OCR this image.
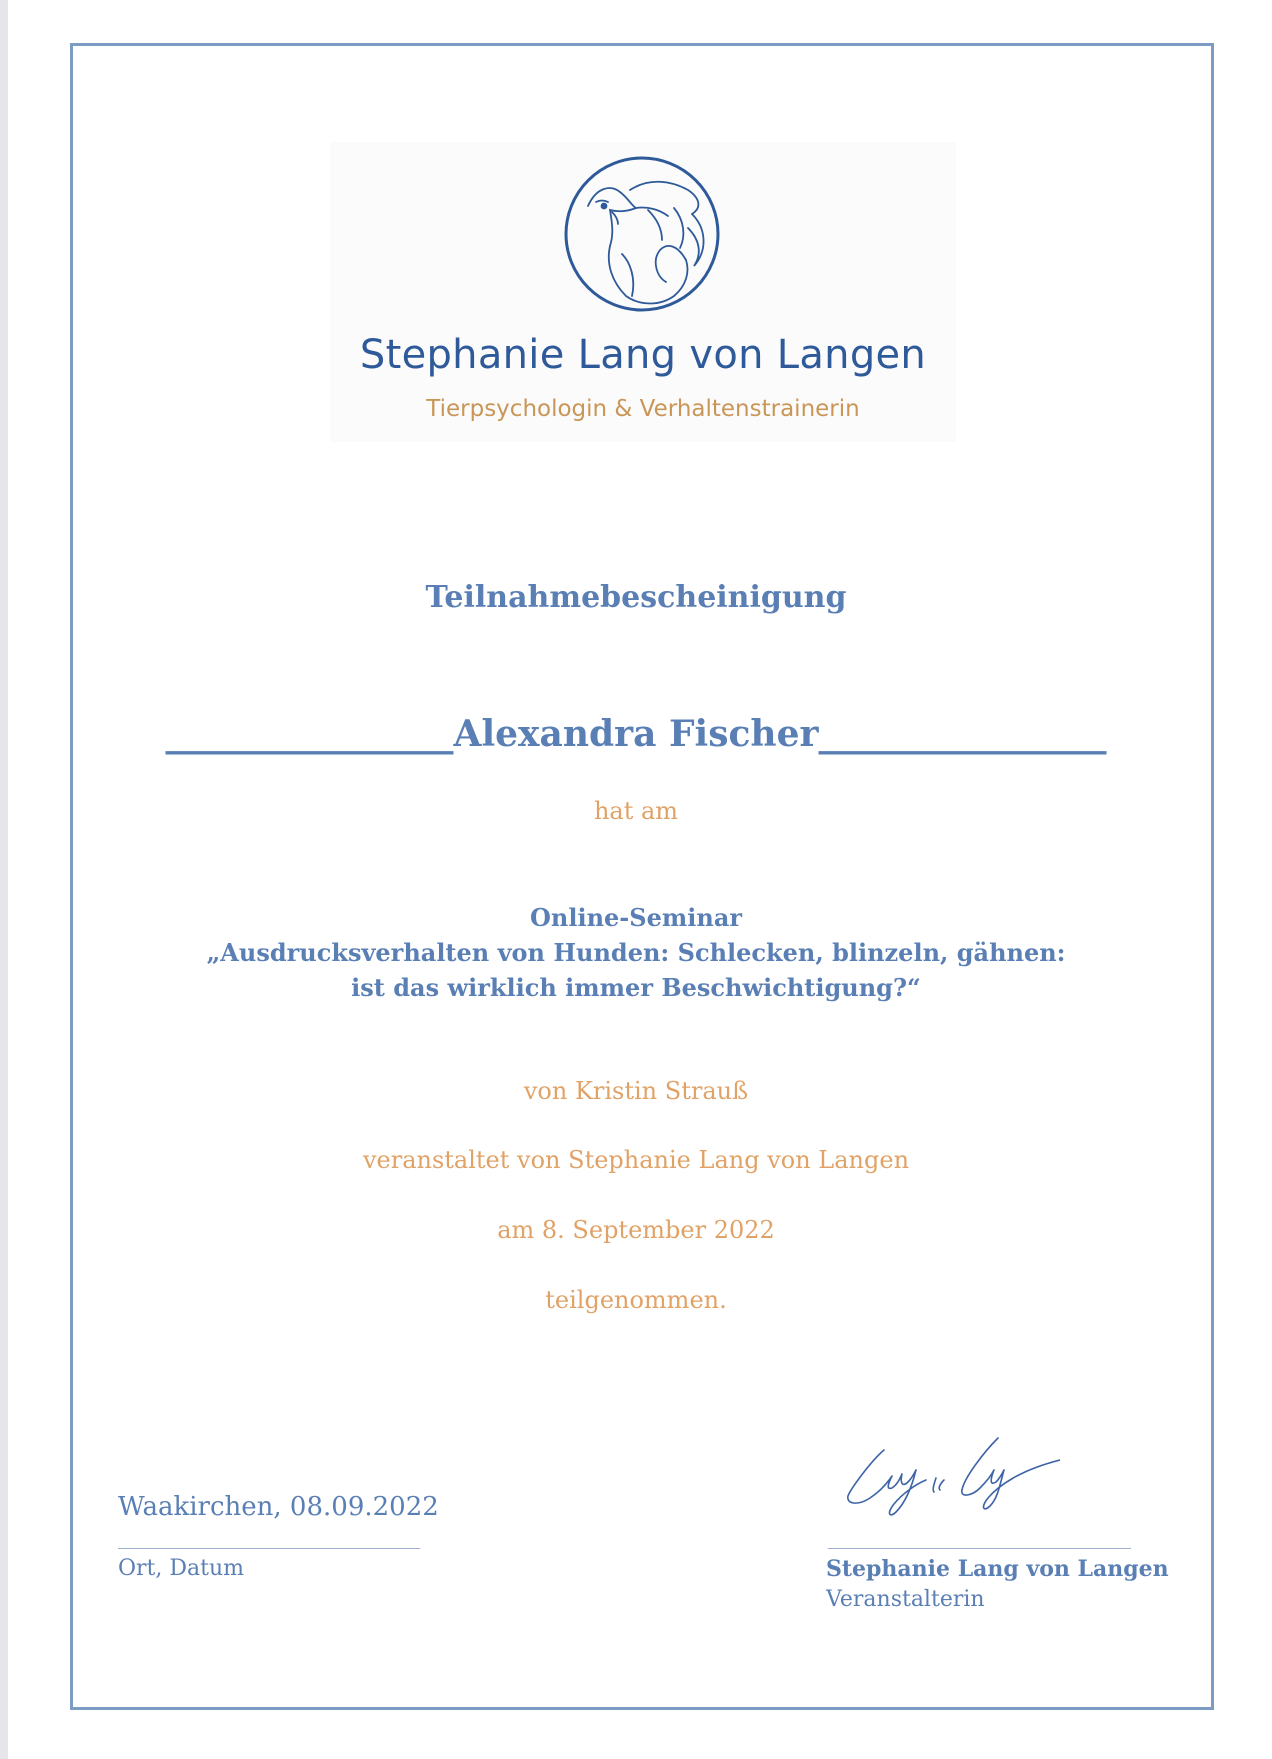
Stephanie Lang von Langen
Tierpsychologin & Verhaltenstrainerin
Teilnahmebescheinigung
________________Alexandra Fischer________________
hat am
Online-Seminar
„Ausdrucksverhalten von Hunden: Schlecken, blinzeln, gähnen:
ist das wirklich immer Beschwichtigung?“
von Kristin Strauß
veranstaltet von Stephanie Lang von Langen
am 8. September 2022
teilgenommen.
Waakirchen, 08.09.2022
Ort, Datum	Stephanie Lang von Langen
Veranstalterin
